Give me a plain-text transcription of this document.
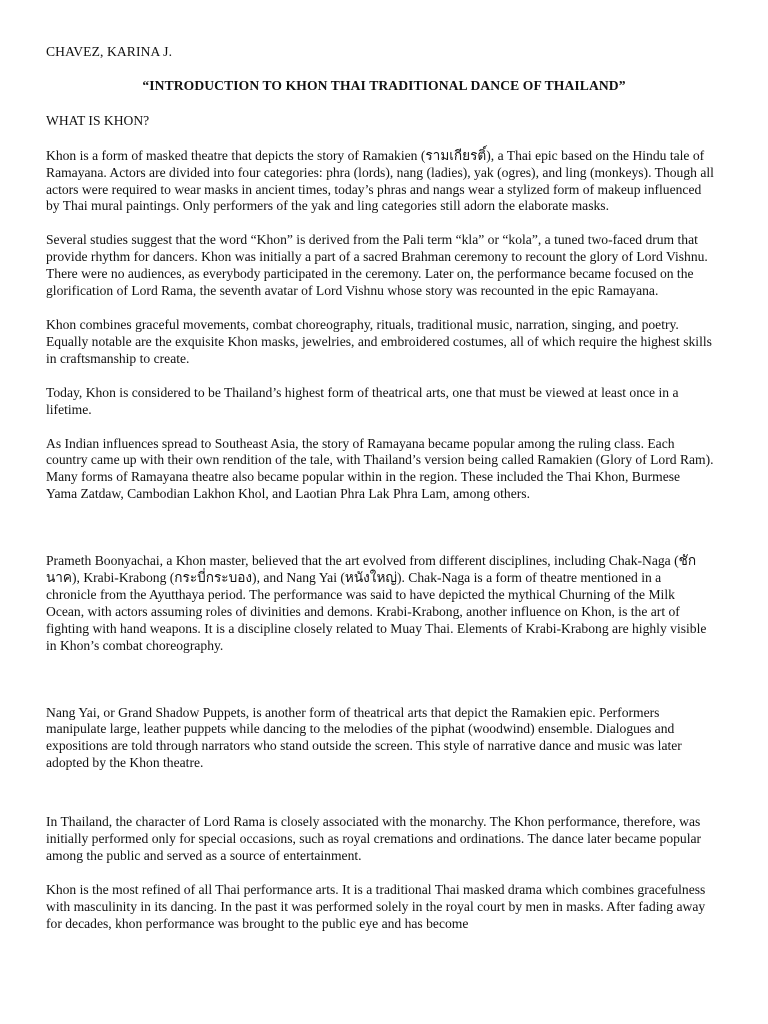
CHAVEZ, KARINA J.
“INTRODUCTION TO KHON THAI TRADITIONAL DANCE OF THAILAND”
WHAT IS KHON?

Khon is a form of masked theatre that depicts the story of Ramakien (รามเกียรติ์), a Thai epic based on the Hindu tale of Ramayana. Actors are divided into four categories: phra (lords), nang (ladies), yak (ogres), and ling (monkeys). Though all actors were required to wear masks in ancient times, today’s phras and nangs wear a stylized form of makeup influenced by Thai mural paintings. Only performers of the yak and ling categories still adorn the elaborate masks.

Several studies suggest that the word “Khon” is derived from the Pali term “kla” or “kola”, a tuned two-faced drum that provide rhythm for dancers. Khon was initially a part of a sacred Brahman ceremony to recount the glory of Lord Vishnu. There were no audiences, as everybody participated in the ceremony. Later on, the performance became focused on the glorification of Lord Rama, the seventh avatar of Lord Vishnu whose story was recounted in the epic Ramayana.

Khon combines graceful movements, combat choreography, rituals, traditional music, narration, singing, and poetry. Equally notable are the exquisite Khon masks, jewelries, and embroidered costumes, all of which require the highest skills in craftsmanship to create.

Today, Khon is considered to be Thailand’s highest form of theatrical arts, one that must be viewed at least once in a lifetime.

As Indian influences spread to Southeast Asia, the story of Ramayana became popular among the ruling class. Each country came up with their own rendition of the tale, with Thailand’s version being called Ramakien (Glory of Lord Ram). Many forms of Ramayana theatre also became popular within in the region. These included the Thai Khon, Burmese Yama Zatdaw, Cambodian Lakhon Khol, and Laotian Phra Lak Phra Lam, among others.

Prameth Boonyachai, a Khon master, believed that the art evolved from different disciplines, including Chak-Naga (ชักนาค), Krabi-Krabong (กระบี่กระบอง), and Nang Yai (หนังใหญ่). Chak-Naga is a form of theatre mentioned in a chronicle from the Ayutthaya period. The performance was said to have depicted the mythical Churning of the Milk Ocean, with actors assuming roles of divinities and demons. Krabi-Krabong, another influence on Khon, is the art of fighting with hand weapons. It is a discipline closely related to Muay Thai. Elements of Krabi-Krabong are highly visible in Khon’s combat choreography.

Nang Yai, or Grand Shadow Puppets, is another form of theatrical arts that depict the Ramakien epic. Performers manipulate large, leather puppets while dancing to the melodies of the piphat (woodwind) ensemble. Dialogues and expositions are told through narrators who stand outside the screen. This style of narrative dance and music was later adopted by the Khon theatre.

In Thailand, the character of Lord Rama is closely associated with the monarchy. The Khon performance, therefore, was initially performed only for special occasions, such as royal cremations and ordinations. The dance later became popular among the public and served as a source of entertainment.

Khon is the most refined of all Thai performance arts. It is a traditional Thai masked drama which combines gracefulness with masculinity in its dancing. In the past it was performed solely in the royal court by men in masks. After fading away for decades, khon performance was brought to the public eye and has become
